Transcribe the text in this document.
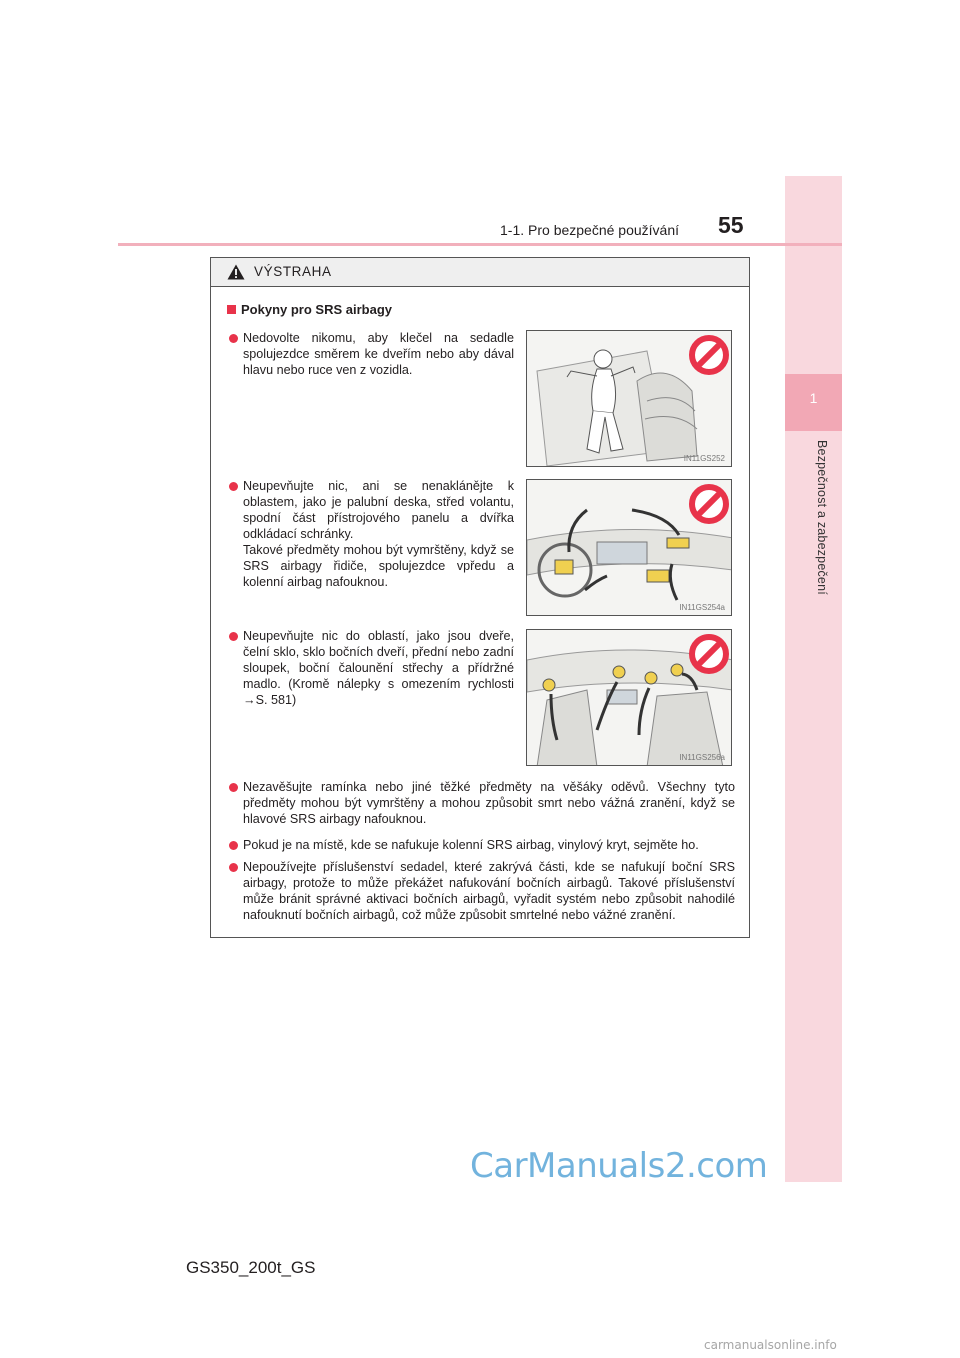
1
Bezpečnost a zabezpečení
1-1. Pro bezpečné používání 55
VÝSTRAHA
Pokyny pro SRS airbagy
Nedovolte nikomu, aby klečel na sedadle spolujezdce směrem ke dveřím nebo aby dával hlavu nebo ruce ven z vozidla.
IN11GS252
Neupevňujte nic, ani se nenaklánějte k oblastem, jako je palubní deska, střed volantu, spodní část přístrojového panelu a dvířka odkládací schránky.
Takové předměty mohou být vymrštěny, když se SRS airbagy řidiče, spolujezdce vpředu a kolenní airbag nafouknou.
IN11GS254a
Neupevňujte nic do oblastí, jako jsou dveře, čelní sklo, sklo bočních dveří, přední nebo zadní sloupek, boční čalounění střechy a přídržné madlo. (Kromě nálepky s omezením rychlosti →S. 581)
IN11GS256a
Nezavěšujte ramínka nebo jiné těžké předměty na věšáky oděvů. Všechny tyto předměty mohou být vymrštěny a mohou způsobit smrt nebo vážná zranění, když se hlavové SRS airbagy nafouknou.
Pokud je na místě, kde se nafukuje kolenní SRS airbag, vinylový kryt, sejměte ho.
Nepoužívejte příslušenství sedadel, které zakrývá části, kde se nafukují boční SRS airbagy, protože to může překážet nafukování bočních airbagů. Takové příslušenství může bránit správné aktivaci bočních airbagů, vyřadit systém nebo způsobit nahodilé nafouknutí bočních airbagů, což může způsobit smrtelné nebo vážné zranění.
CarManuals2.com
GS350_200t_GS
carmanualsonline.info
